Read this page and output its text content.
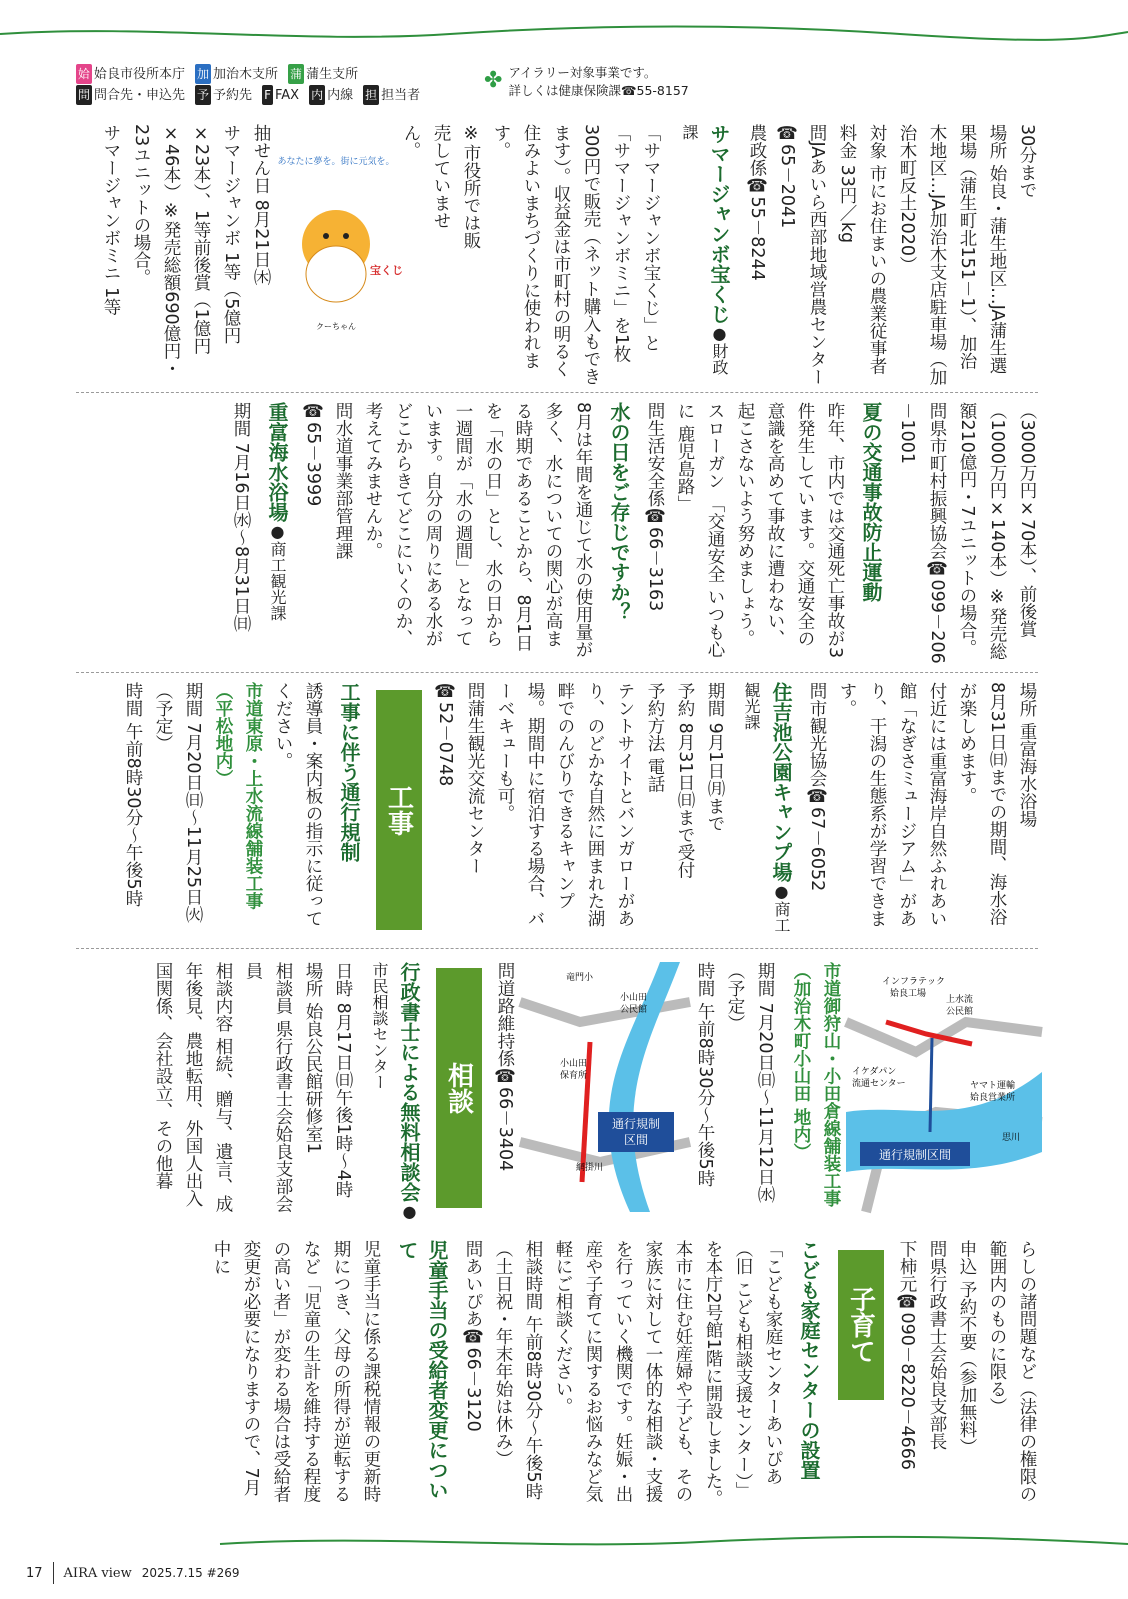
姶 姶良市役所本庁 加 加治木支所 蒲 蒲生支所
問 問合先・申込先 予 予約先 F FAX 内 内線 担 担当者
✤ アイラリー対象事業です。
詳しくは健康保険課☎55-8157
30分まで
場所 始良・蒲生地区…JA蒲生選果場（蒲生町北151－1）、加治木地区…JA加治木支店駐車場（加治木町反土2020）
対象 市にお住まいの農業従事者
料金 33円／kg
問JAあいら西部地域営農センター☎65－2041
農政係☎55－8244
サマージャンボ宝くじ●財政課
「サマージャンボ宝くじ」と「サマージャンボミニ」を1枚300円で販売（ネット購入もできます）。収益金は市町村の明るく住みよいまちづくりに使われます。
※市役所では販売していません。
あなたに夢を。街に元気を。
宝くじ
クーちゃん
抽せん日 8月21日㈭
サマージャンボ 1等（5億円×23本）、1等前後賞（1億円×46本）※発売総額690億円・23ユニットの場合。
サマージャンボミニ 1等
（3000万円×70本）、前後賞（1000万円×140本）※発売総額210億円・7ユニットの場合。
問県市町村振興協会☎099－206－1001
夏の交通事故防止運動
昨年、市内では交通死亡事故が3件発生しています。交通安全の意識を高めて事故に遭わない、起こさないよう努めましょう。
スローガン 「交通安全 いつも心に 鹿児島路」
問生活安全係☎66－3163
水の日をご存じですか？
8月は年間を通じて水の使用量が多く、水についての関心が高まる時期であることから、8月1日を「水の日」とし、水の日から一週間が「水の週間」となっています。自分の周りにある水がどこからきてどこにいくのか、考えてみませんか。
問水道事業部管理課
☎65－3999
重富海水浴場●商工観光課
期間 7月16日㈬～8月31日㈰
場所 重富海水浴場
8月31日㈰までの期間、海水浴が楽しめます。
付近には重富海岸自然ふれあい館「なぎさミュージアム」があり、干潟の生態系が学習できます。
問市観光協会☎67－6052
住吉池公園キャンプ場●商工観光課
期間 9月1日㈪まで
予約 8月31日㈰まで受付
予約方法 電話
テントサイトとバンガローがあり、のどかな自然に囲まれた湖畔でのんびりできるキャンプ場。期間中に宿泊する場合、バーベキューも可。
問蒲生観光交流センター
☎52－0748
工事
工事に伴う通行規制
誘導員・案内板の指示に従ってください。
市道東原・上水流線舗装工事（平松地内）
期間 7月20日㈰～11月25日㈫（予定）
時間 午前8時30分～午後5時
インフラテック
姶良工場
上水流
公民館
イケダパン
流通センター	ヤマト運輸
姶良営業所
思川
通行規制区間
市道御狩山・小田倉線舗装工事（加治木町小山田 地内）
期間 7月20日㈰～11月12日㈬（予定）
時間 午前8時30分～午後5時
竜門小
小山田
公民館
小山田
保育所
網掛川
通行規制
区間
問道路維持係☎66－3404
相談
行政書士による無料相談会●市民相談センター
日時 8月17日㈰午後1時～4時
場所 始良公民館研修室1
相談員 県行政書士会姶良支部会員
相談内容 相続、贈与、遺言、成年後見、農地転用、外国人出入国関係、会社設立、その他暮
らしの諸問題など（法律の権限の範囲内のものに限る）
申込 予約不要（参加無料）
問県行政書士会始良支部長
下柿元☎090－8220－4666
子育て
こども家庭センターの設置
「こども家庭センターあいぴあ（旧 こども相談支援センター）」を本庁2号館1階に開設しました。本市に住む妊産婦や子ども、その家族に対して一体的な相談・支援を行っていく機関です。妊娠・出産や子育てに関するお悩みなど気軽にご相談ください。
相談時間 午前8時30分～午後5時（土日祝・年末年始は休み）
問あいぴあ☎66－3120
児童手当の受給者変更について
児童手当に係る課税情報の更新時期につき、父母の所得が逆転するなど「児童の生計を維持する程度の高い者」が変わる場合は受給者変更が必要になりますので、7月中に
17 AIRA view 2025.7.15 #269
